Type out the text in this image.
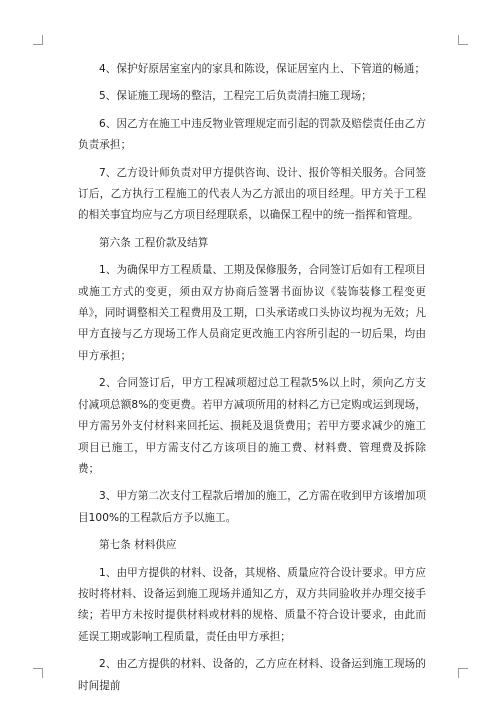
4、保护好原居室室内的家具和陈设，保证居室内上、下管道的畅通；

5、保证施工现场的整洁，工程完工后负责清扫施工现场；

6、因乙方在施工中违反物业管理规定而引起的罚款及赔偿责任由乙方负责承担；

7、乙方设计师负责对甲方提供咨询、设计、报价等相关服务。合同签订后，乙方执行工程施工的代表人为乙方派出的项目经理。甲方关于工程的相关事宜均应与乙方项目经理联系，以确保工程中的统一指挥和管理。

第六条 工程价款及结算

1、为确保甲方工程质量、工期及保修服务，合同签订后如有工程项目或施工方式的变更，须由双方协商后签署书面协议《装饰装修工程变更单》，同时调整相关工程费用及工期，口头承诺或口头协议均视为无效；凡甲方直接与乙方现场工作人员商定更改施工内容所引起的一切后果，均由甲方承担；

2、合同签订后，甲方工程减项超过总工程款5%以上时，须向乙方支付减项总额8%的变更费。若甲方减项所用的材料乙方已定购或运到现场，甲方需另外支付材料来回托运、损耗及退货费用；若甲方要求减少的施工项目已施工，甲方需支付乙方该项目的施工费、材料费、管理费及拆除费；

3、甲方第二次支付工程款后增加的施工，乙方需在收到甲方该增加项目100%的工程款后方予以施工。

第七条 材料供应

1、由甲方提供的材料、设备，其规格、质量应符合设计要求。甲方应按时将材料、设备运到施工现场并通知乙方，双方共同验收并办理交接手续；若甲方未按时提供材料或材料的规格、质量不符合设计要求，由此而延误工期或影响工程质量，责任由甲方承担；

2、由乙方提供的材料、设备的，乙方应在材料、设备运到施工现场的时间提前
